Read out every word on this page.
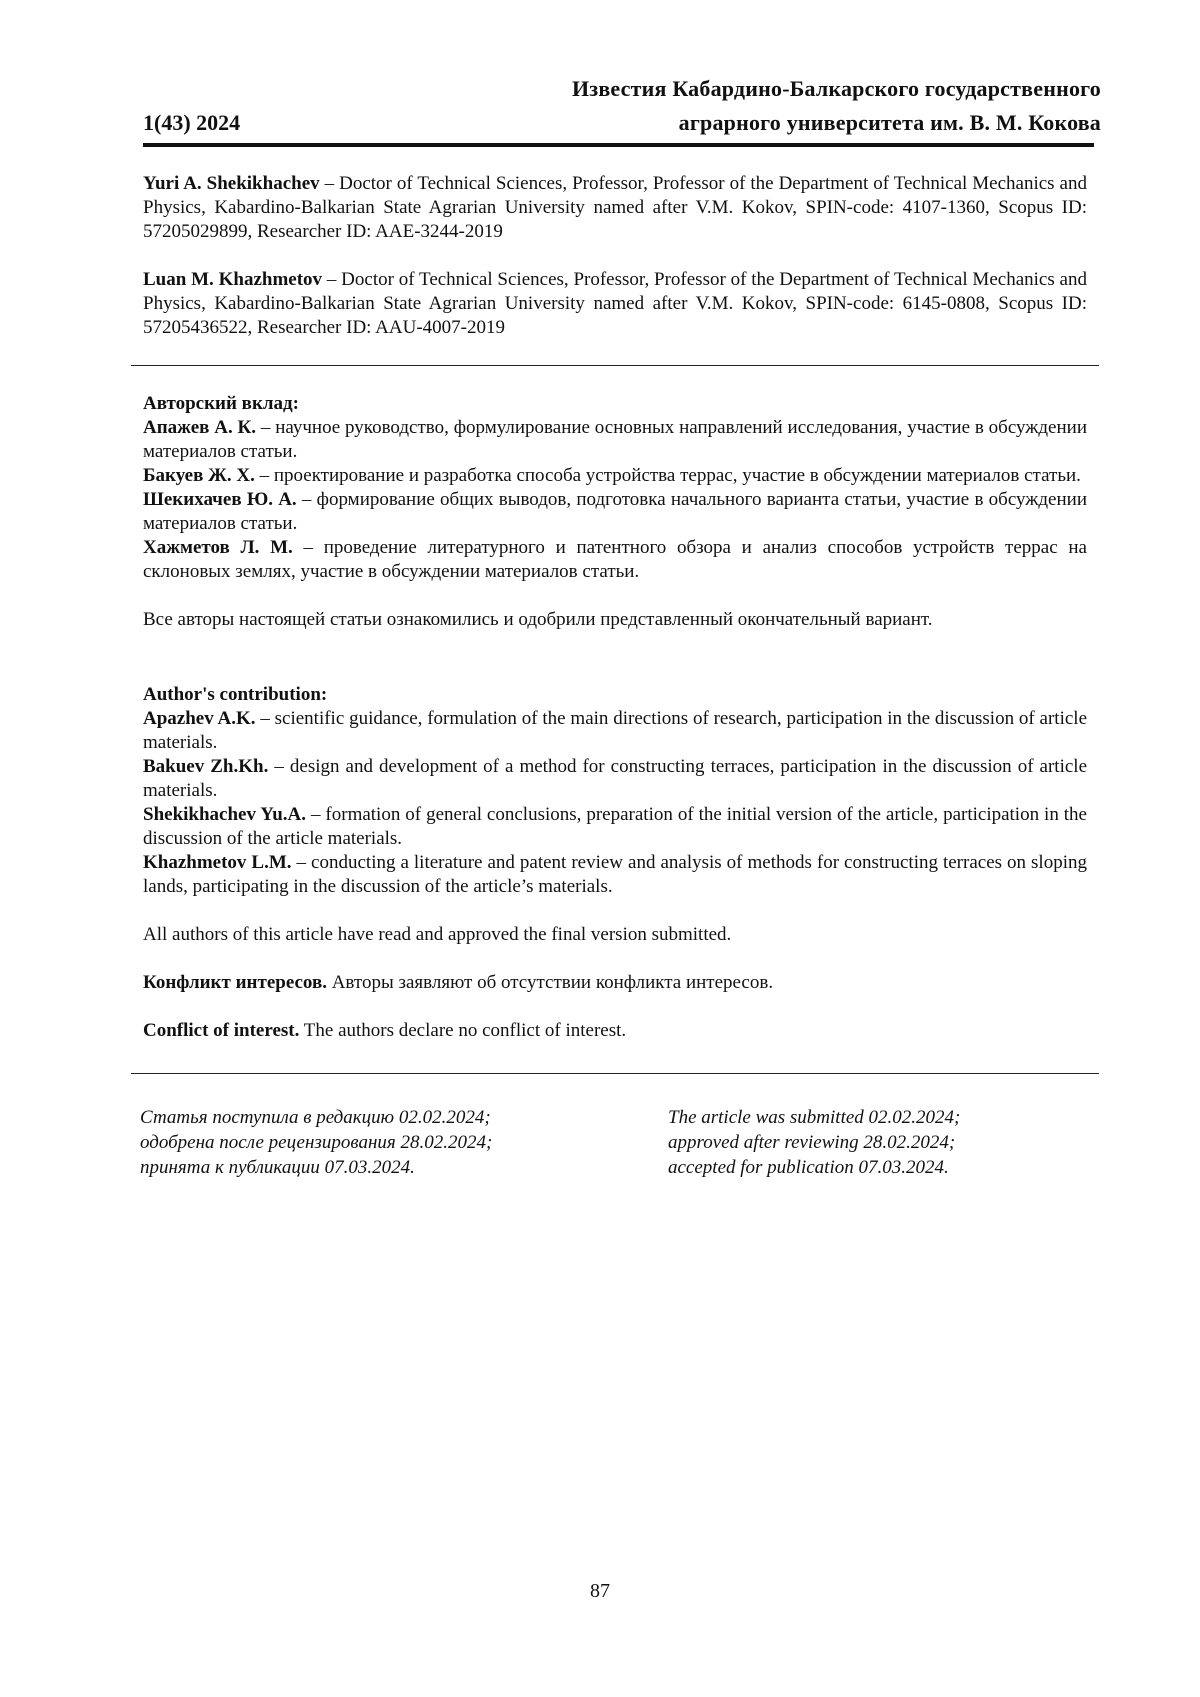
Известия Кабардино-Балкарского государственного
аграрного университета им. В. М. Кокова
1(43) 2024

Yuri A. Shekikhachev – Doctor of Technical Sciences, Professor, Professor of the Department of Technical Mechanics and Physics, Kabardino-Balkarian State Agrarian University named after V.M. Kokov, SPIN-code: 4107-1360, Scopus ID: 57205029899, Researcher ID: AAE-3244-2019

Luan M. Khazhmetov – Doctor of Technical Sciences, Professor, Professor of the Department of Technical Mechanics and Physics, Kabardino-Balkarian State Agrarian University named after V.M. Kokov, SPIN-code: 6145-0808, Scopus ID: 57205436522, Researcher ID: AAU-4007-2019

Авторский вклад:

Апажев А. К. – научное руководство, формулирование основных направлений исследования, участие в обсуждении материалов статьи.

Бакуев Ж. Х. – проектирование и разработка способа устройства террас, участие в обсуждении материалов статьи.

Шекихачев Ю. А. – формирование общих выводов, подготовка начального варианта статьи, участие в обсуждении материалов статьи.

Хажметов Л. М. – проведение литературного и патентного обзора и анализ способов устройств террас на склоновых землях, участие в обсуждении материалов статьи.

Все авторы настоящей статьи ознакомились и одобрили представленный окончательный вариант.

Author's contribution:

Apazhev A.K. – scientific guidance, formulation of the main directions of research, participation in the discussion of article materials.

Bakuev Zh.Kh. – design and development of a method for constructing terraces, participation in the discussion of article materials.

Shekikhachev Yu.A. – formation of general conclusions, preparation of the initial version of the article, participation in the discussion of the article materials.

Khazhmetov L.M. – conducting a literature and patent review and analysis of methods for constructing terraces on sloping lands, participating in the discussion of the article’s materials.

All authors of this article have read and approved the final version submitted.

Конфликт интересов. Авторы заявляют об отсутствии конфликта интересов.

Conflict of interest. The authors declare no conflict of interest.

Статья поступила в редакцию 02.02.2024;
одобрена после рецензирования 28.02.2024;
принята к публикации 07.03.2024.
The article was submitted 02.02.2024;
approved after reviewing 28.02.2024;
accepted for publication 07.03.2024.
87
